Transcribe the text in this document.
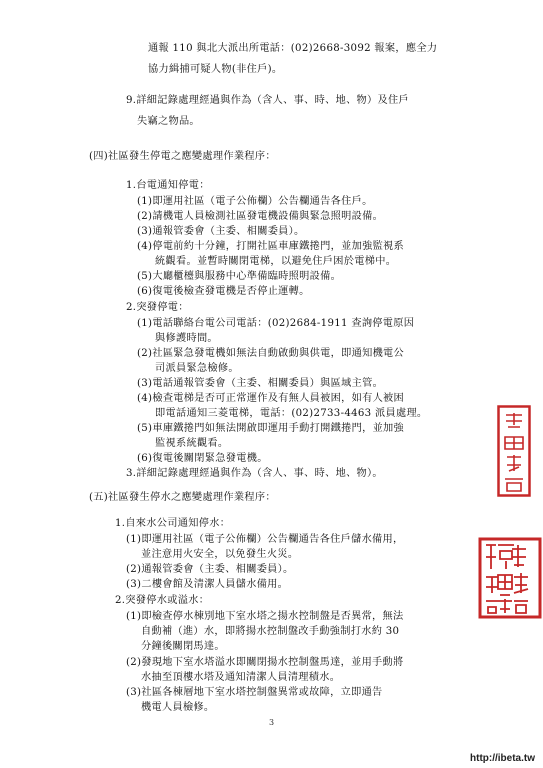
通報 110 與北大派出所電話：(02)2668-3092 報案，應全力
協力緝捕可疑人物(非住戶)。
9.詳細記錄處理經過與作為（含人、事、時、地、物）及住戶
失竊之物品。
(四)社區發生停電之應變處理作業程序：
1.台電通知停電：
(1)即運用社區（電子公佈欄）公告欄通告各住戶。
(2)請機電人員檢測社區發電機設備與緊急照明設備。
(3)通報管委會（主委、相關委員）。
(4)停電前約十分鐘，打開社區車庫鐵捲門，並加強監視系
統觀看。並暫時關閉電梯，以避免住戶困於電梯中。
(5)大廳櫃檯與服務中心準備臨時照明設備。
(6)復電後檢查發電機是否停止運轉。
2.突發停電：
(1)電話聯絡台電公司電話：(02)2684-1911 查詢停電原因
與修護時間。
(2)社區緊急發電機如無法自動啟動與供電，即通知機電公
司派員緊急檢修。
(3)電話通報管委會（主委、相關委員）與區域主管。
(4)檢查電梯是否可正常運作及有無人員被困，如有人被困
即電話通知三菱電梯，電話：(02)2733-4463 派員處理。
(5)車庫鐵捲門如無法開啟即運用手動打開鐵捲門，並加強
監視系統觀看。
(6)復電後關閉緊急發電機。
3.詳細記錄處理經過與作為（含人、事、時、地、物）。
(五)社區發生停水之應變處理作業程序：
1.自來水公司通知停水：
(1)即運用社區（電子公佈欄）公告欄通告各住戶儲水備用，
並注意用火安全，以免發生火災。
(2)通報管委會（主委、相關委員）。
(3)二樓會館及清潔人員儲水備用。
2.突發停水或溢水：
(1)即檢查停水棟別地下室水塔之揚水控制盤是否異常，無法
自動補（進）水，即將揚水控制盤改手動強制打水約 30
分鐘後關閉馬達。
(2)發現地下室水塔溢水即關閉揚水控制盤馬達，並用手動將
水抽至頂樓水塔及通知清潔人員清理積水。
(3)社區各棟層地下室水塔控制盤異常或故障，立即通告
機電人員檢修。
3
http://ibeta.tw
